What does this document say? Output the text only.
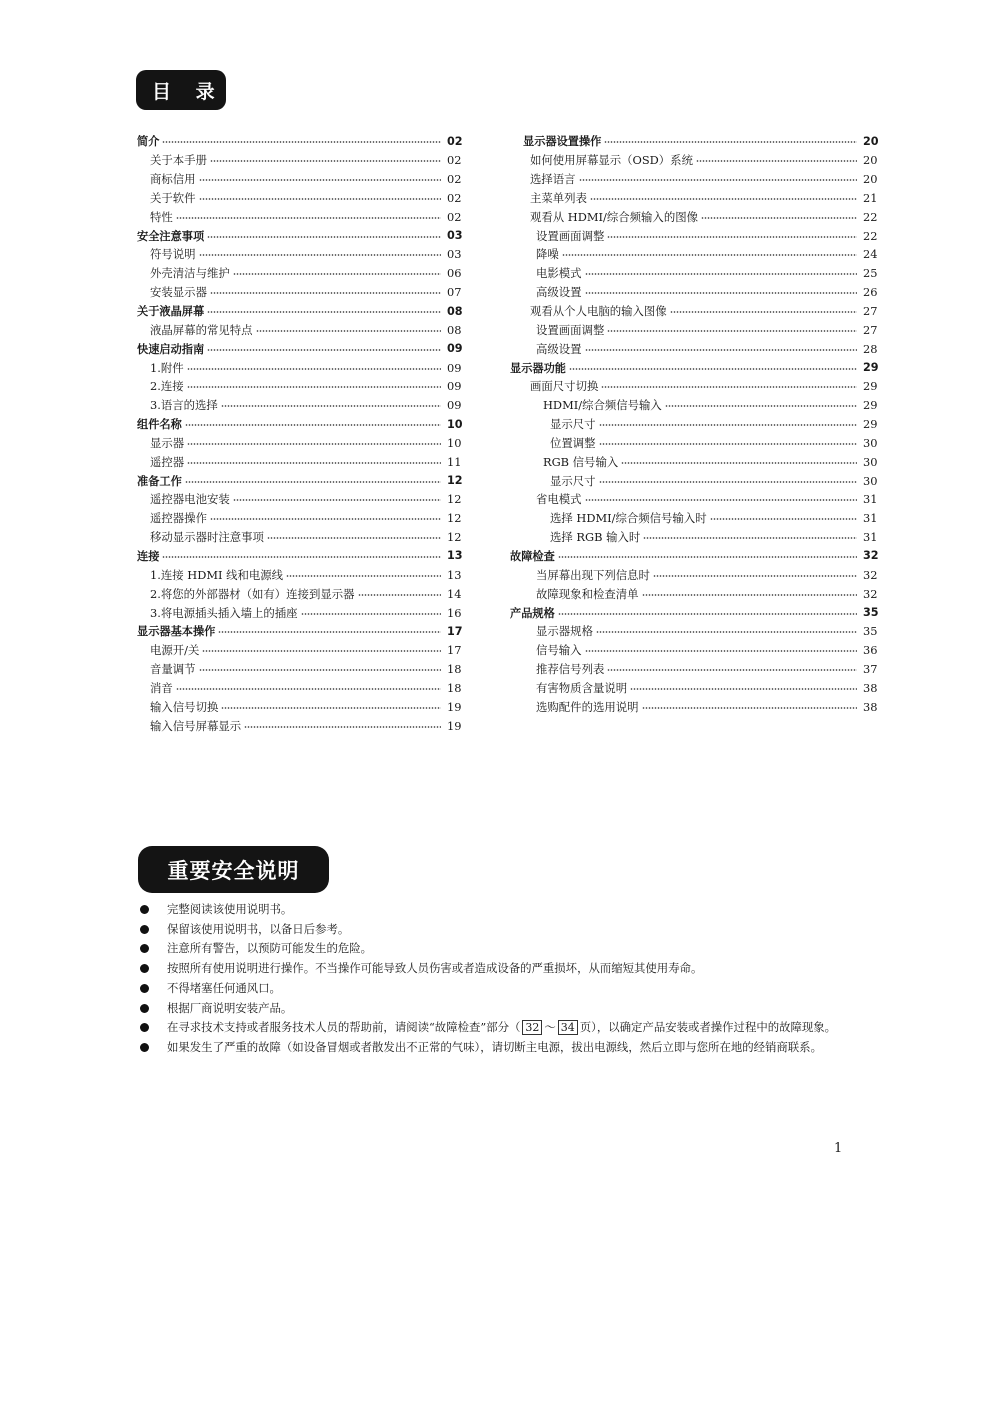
目 录
简介	02
关于本手册	02
商标信用	02
关于软件	02
特性	02
安全注意事项	03
符号说明	03
外壳清洁与维护	06
安装显示器	07
关于液晶屏幕	08
液晶屏幕的常见特点	08
快速启动指南	09
1.附件	09
2.连接	09
3.语言的选择	09
组件名称	10
显示器	10
遥控器	11
准备工作	12
遥控器电池安装	12
遥控器操作	12
移动显示器时注意事项	12
连接	13
1.连接 HDMI 线和电源线	13
2.将您的外部器材（如有）连接到显示器	14
3.将电源插头插入墙上的插座	16
显示器基本操作	17
电源开/关	17
音量调节	18
消音	18
输入信号切换	19
输入信号屏幕显示	19
显示器设置操作	20
如何使用屏幕显示（OSD）系统	20
选择语言	20
主菜单列表	21
观看从 HDMI/综合频输入的图像	22
设置画面调整	22
降噪	24
电影模式	25
高级设置	26
观看从个人电脑的输入图像	27
设置画面调整	27
高级设置	28
显示器功能	29
画面尺寸切换	29
HDMI/综合频信号输入	29
显示尺寸	29
位置调整	30
RGB 信号输入	30
显示尺寸	30
省电模式	31
选择 HDMI/综合频信号输入时	31
选择 RGB 输入时	31
故障检查	32
当屏幕出现下列信息时	32
故障现象和检查清单	32
产品规格	35
显示器规格	35
信号输入	36
推荐信号列表	37
有害物质含量说明	38
选购配件的选用说明	38
重要安全说明
完整阅读该使用说明书。
保留该使用说明书，以备日后参考。
注意所有警告，以预防可能发生的危险。
按照所有使用说明进行操作。不当操作可能导致人员伤害或者造成设备的严重损坏，从而缩短其使用寿命。
不得堵塞任何通风口。
根据厂商说明安装产品。
在寻求技术支持或者服务技术人员的帮助前，请阅读“故障检查”部分（ 32 ～ 34 页），以确定产品安装或者操作过程中的故障现象。
如果发生了严重的故障（如设备冒烟或者散发出不正常的气味），请切断主电源，拔出电源线，然后立即与您所在地的经销商联系。
1
